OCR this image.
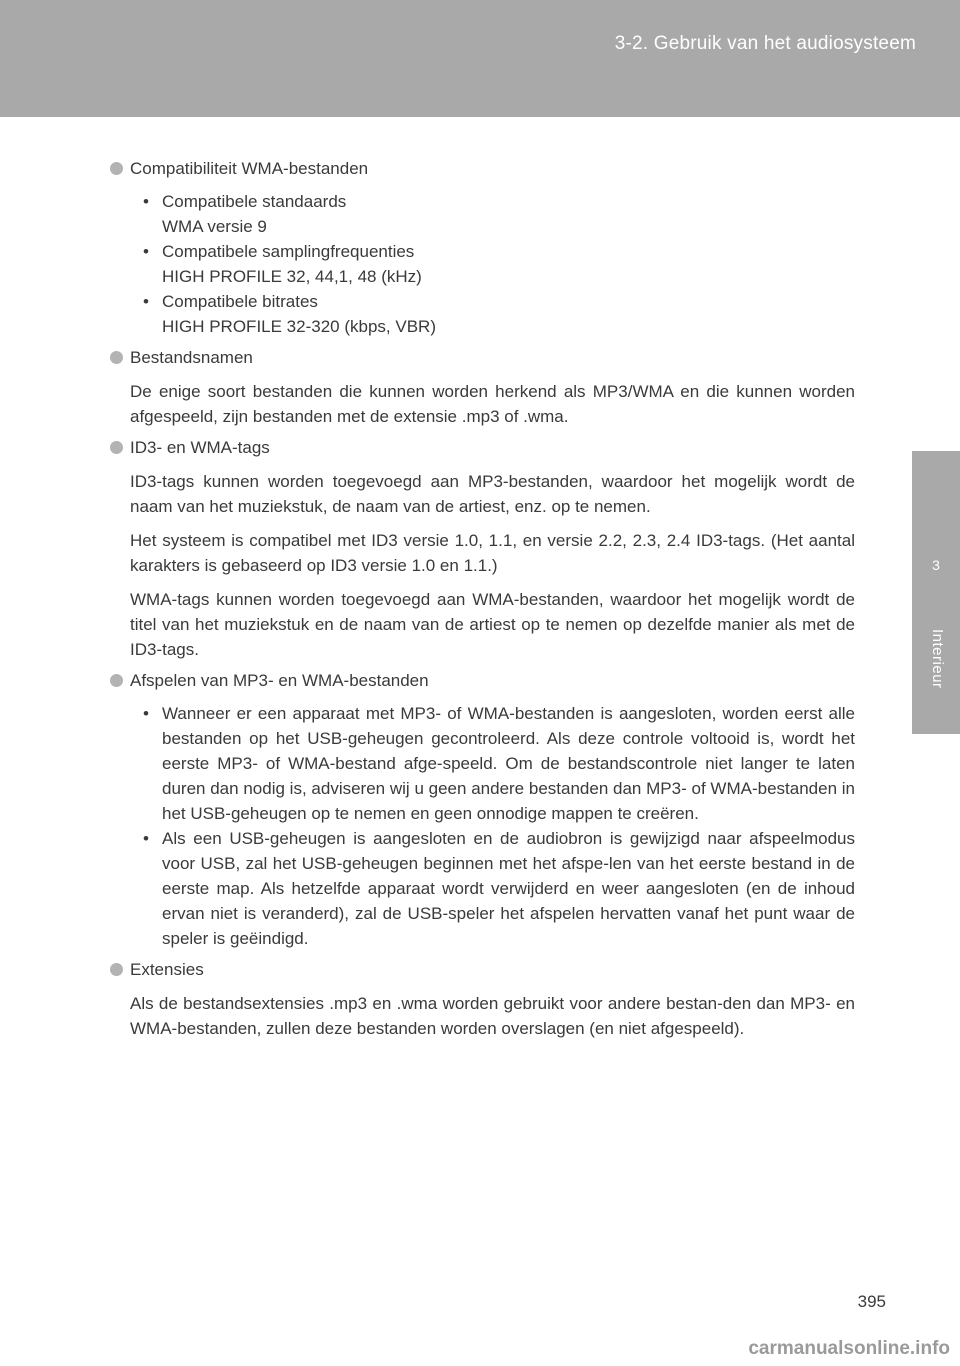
3-2. Gebruik van het audiosysteem
3
Interieur
Compatibiliteit WMA-bestanden
• Compatibele standaards
WMA versie 9
• Compatibele samplingfrequenties
HIGH PROFILE 32, 44,1, 48 (kHz)
• Compatibele bitrates
HIGH PROFILE 32-320 (kbps, VBR)
Bestandsnamen

De enige soort bestanden die kunnen worden herkend als MP3/WMA en die kunnen worden afgespeeld, zijn bestanden met de extensie .mp3 of .wma.

ID3- en WMA-tags

ID3-tags kunnen worden toegevoegd aan MP3-bestanden, waardoor het mogelijk wordt de naam van het muziekstuk, de naam van de artiest, enz. op te nemen.

Het systeem is compatibel met ID3 versie 1.0, 1.1, en versie 2.2, 2.3, 2.4 ID3-tags. (Het aantal karakters is gebaseerd op ID3 versie 1.0 en 1.1.)

WMA-tags kunnen worden toegevoegd aan WMA-bestanden, waardoor het mogelijk wordt de titel van het muziekstuk en de naam van de artiest op te nemen op dezelfde manier als met de ID3-tags.

Afspelen van MP3- en WMA-bestanden
• Wanneer er een apparaat met MP3- of WMA-bestanden is aangesloten, worden eerst alle bestanden op het USB-geheugen gecontroleerd. Als deze controle voltooid is, wordt het eerste MP3- of WMA-bestand afge-speeld. Om de bestandscontrole niet langer te laten duren dan nodig is, adviseren wij u geen andere bestanden dan MP3- of WMA-bestanden in het USB-geheugen op te nemen en geen onnodige mappen te creëren.
• Als een USB-geheugen is aangesloten en de audiobron is gewijzigd naar afspeelmodus voor USB, zal het USB-geheugen beginnen met het afspe-len van het eerste bestand in de eerste map. Als hetzelfde apparaat wordt verwijderd en weer aangesloten (en de inhoud ervan niet is veranderd), zal de USB-speler het afspelen hervatten vanaf het punt waar de speler is geëindigd.
Extensies

Als de bestandsextensies .mp3 en .wma worden gebruikt voor andere bestan-den dan MP3- en WMA-bestanden, zullen deze bestanden worden overslagen (en niet afgespeeld).

395
carmanualsonline.info
